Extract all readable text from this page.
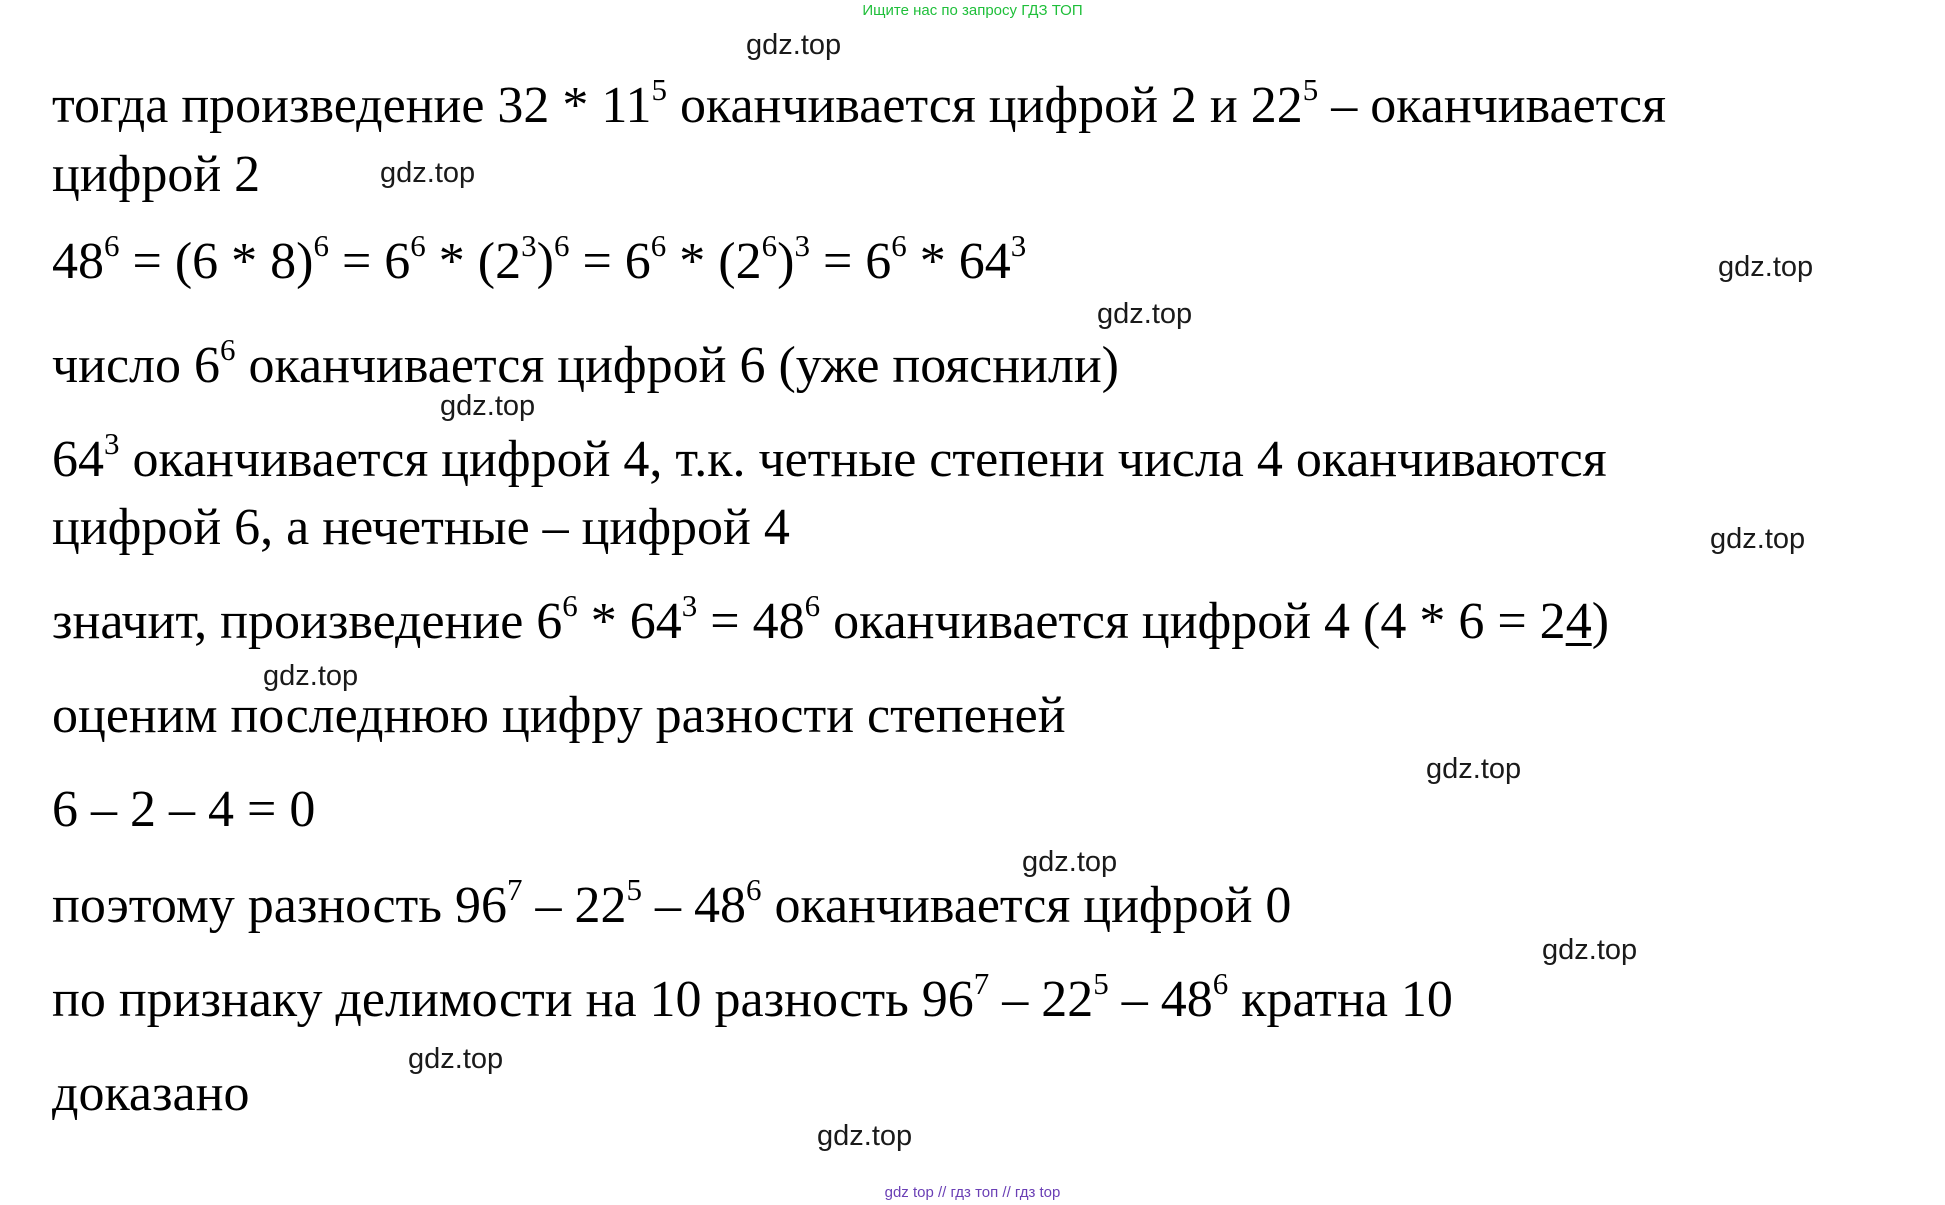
Ищите нас по запросу ГДЗ ТОП
тогда произведение $32 * 11^5$ оканчивается цифрой 2 и $22^5$ – оканчивается
цифрой 2
$48^6 = (6 * 8)^6 = 6^6 * (2^3)^6 = 6^6 * (2^6)^3 = 6^6 * 64^3$
число $6^6$ оканчивается цифрой 6 (уже пояснили)
$64^3$ оканчивается цифрой 4, т.к. четные степени числа 4 оканчиваются
цифрой 6, а нечетные – цифрой 4
значит, произведение $6^6 * 64^3 = 48^6$ оканчивается цифрой 4 (4 * 6 = 24)
оценим последнюю цифру разности степеней
6 – 2 – 4 = 0
поэтому разность $96^7 - 22^5 - 48^6$ оканчивается цифрой 0
по признаку делимости на 10 разность $96^7 - 22^5 - 48^6$ кратна 10
доказано
gdz.top
gdz.top
gdz.top
gdz.top
gdz.top
gdz.top
gdz.top
gdz.top
gdz.top
gdz.top
gdz.top
gdz.top
gdz top // гдз топ // гдз top
